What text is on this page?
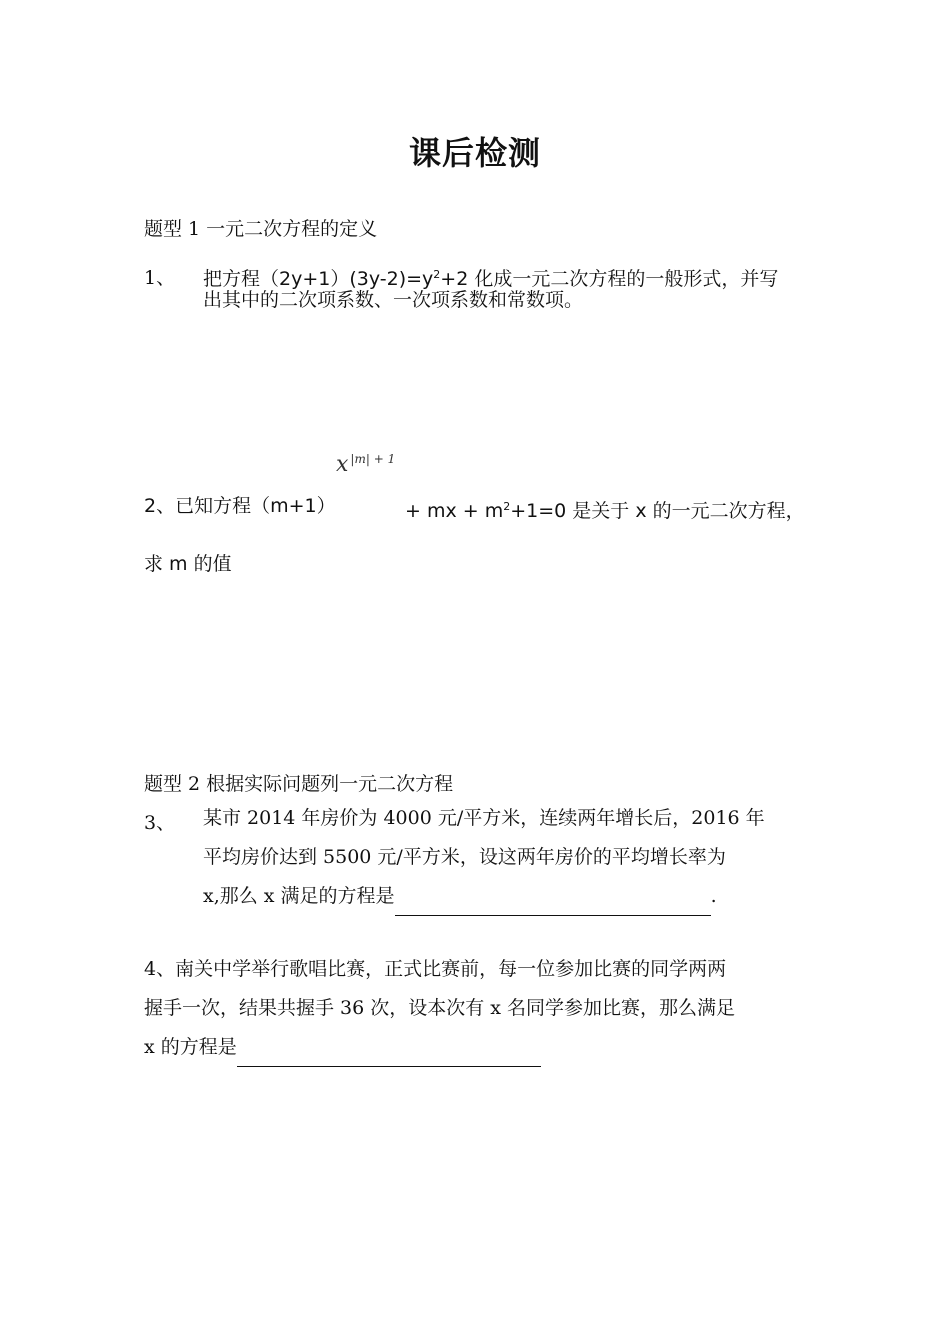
课后检测
题型 1 一元二次方程的定义
1、 把方程$(2y+1)(3y-2)=y^2+2$ 化成一元二次方程的一般形式，并写
出其中的二次项系数、一次项系数和常数项。
x $^{|m| + 1}$
2、已知方程（m+1）	+ mx + $m^2+1=0$ 是关于 x 的一元二次方程，
求 m 的值
题型 2 根据实际问题列一元二次方程
3、 某市 2014 年房价为 4000 元/平方米，连续两年增长后，2016 年
平均房价达到 5500 元/平方米，设这两年房价的平均增长率为
x,那么 x 满足的方程是	.
4、南关中学举行歌唱比赛，正式比赛前，每一位参加比赛的同学两两
握手一次，结果共握手 36 次，设本次有 x 名同学参加比赛，那么满足
x 的方程是
